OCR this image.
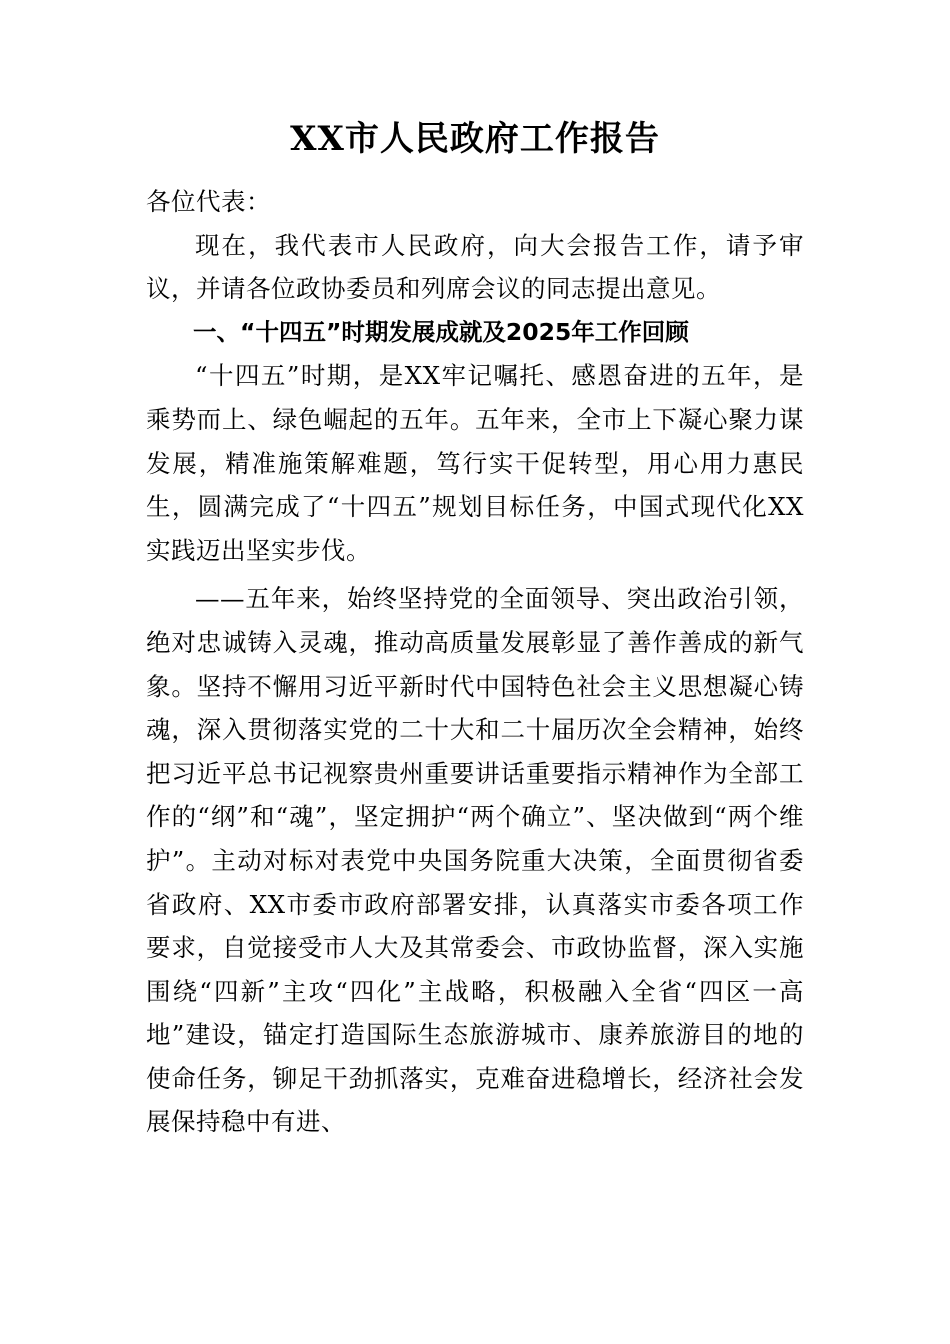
XX市人民政府工作报告

各位代表：

现在，我代表市人民政府，向大会报告工作，请予审议，并请各位政协委员和列席会议的同志提出意见。

一、“十四五”时期发展成就及2025年工作回顾

“十四五”时期，是XX牢记嘱托、感恩奋进的五年，是乘势而上、绿色崛起的五年。五年来，全市上下凝心聚力谋发展，精准施策解难题，笃行实干促转型，用心用力惠民生，圆满完成了“十四五”规划目标任务，中国式现代化XX实践迈出坚实步伐。

——五年来，始终坚持党的全面领导、突出政治引领，绝对忠诚铸入灵魂，推动高质量发展彰显了善作善成的新气象。坚持不懈用习近平新时代中国特色社会主义思想凝心铸魂，深入贯彻落实党的二十大和二十届历次全会精神，始终把习近平总书记视察贵州重要讲话重要指示精神作为全部工作的“纲”和“魂”，坚定拥护“两个确立”、坚决做到“两个维护”。主动对标对表党中央国务院重大决策，全面贯彻省委省政府、XX市委市政府部署安排，认真落实市委各项工作要求，自觉接受市人大及其常委会、市政协监督，深入实施围绕“四新”主攻“四化”主战略，积极融入全省“四区一高地”建设，锚定打造国际生态旅游城市、康养旅游目的地的使命任务，铆足干劲抓落实，克难奋进稳增长，经济社会发展保持稳中有进、
